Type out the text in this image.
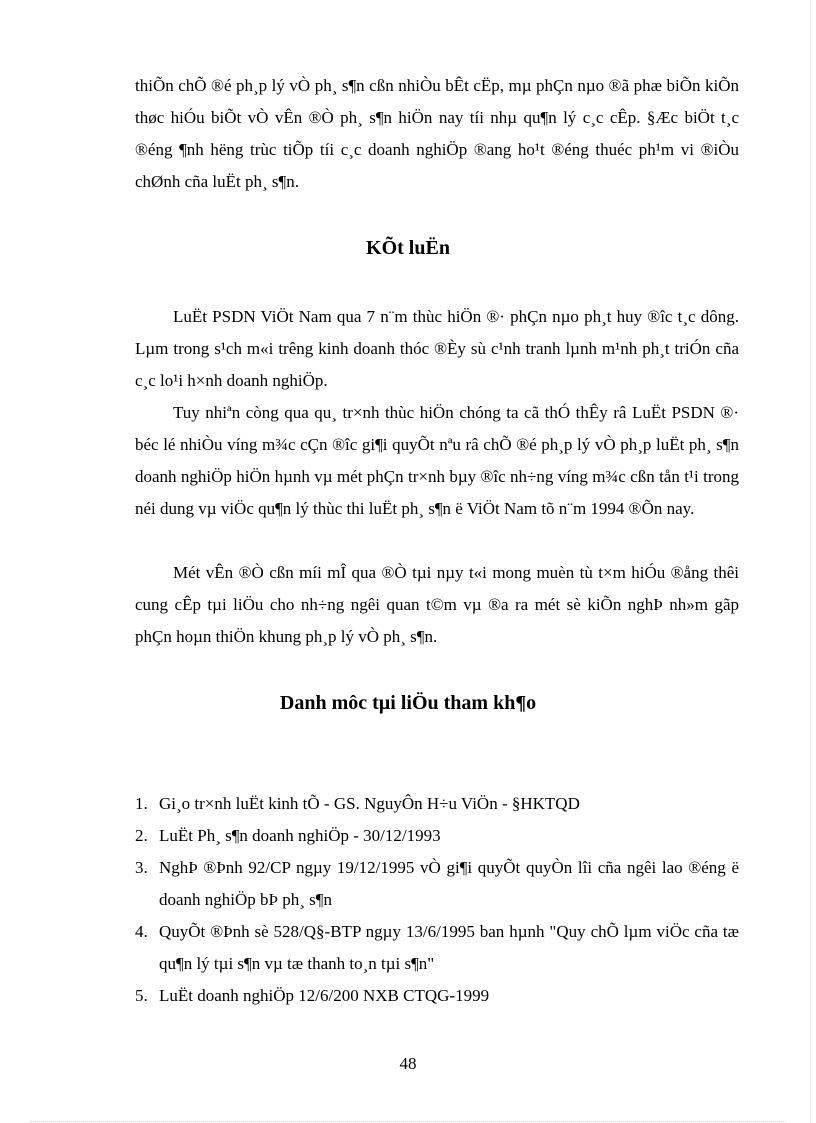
thiÕn chÕ ®é ph¸p lý vÒ ph¸ s¶n cßn nhiÒu bÊt cËp, mµ phÇn nµo ®ã phæ biÕn kiÕn thøc hiÓu biÕt vÒ vÊn ®Ò ph¸ s¶n hiÖn nay tíi nhµ qu¶n lý c¸c cÊp. §Æc biÖt t¸c ®éng ¶nh hëng trùc tiÕp tíi c¸c doanh nghiÖp ®ang ho¹t ®éng thuéc ph¹m vi ®iÒu chØnh cña luËt ph¸ s¶n.

KÕt luËn

LuËt PSDN ViÖt Nam qua 7 n¨m thùc hiÖn ®· phÇn nµo ph¸t huy ®îc t¸c dông. Lµm trong s¹ch m«i trêng kinh doanh thóc ®Èy sù c¹nh tranh lµnh m¹nh ph¸t triÓn cña c¸c lo¹i h×nh doanh nghiÖp.

Tuy nhiªn còng qua qu¸ tr×nh thùc hiÖn chóng ta cã thÓ thÊy râ LuËt PSDN ®· béc lé nhiÒu víng m¾c cÇn ®îc gi¶i quyÕt nªu râ chÕ ®é ph¸p lý vÒ ph¸p luËt ph¸ s¶n doanh nghiÖp hiÖn hµnh vµ mét phÇn tr×nh bµy ®îc nh÷ng víng m¾c cßn tån t¹i trong néi dung vµ viÖc qu¶n lý thùc thi luËt ph¸ s¶n ë ViÖt Nam tõ n¨m 1994 ®Õn nay.

Mét vÊn ®Ò cßn míi mÎ qua ®Ò tµi nµy t«i mong muèn tù t×m hiÓu ®ång thêi cung cÊp tµi liÖu cho nh÷ng ngêi quan t©m vµ ®a ra mét sè kiÕn nghÞ nh»m gãp phÇn hoµn thiÖn khung ph¸p lý vÒ ph¸ s¶n.

Danh môc tµi liÖu tham kh¶o
1. Gi¸o tr×nh luËt kinh tÕ - GS. NguyÔn H÷u ViÖn - §HKTQD
2. LuËt Ph¸ s¶n doanh nghiÖp - 30/12/1993
3. NghÞ ®Þnh 92/CP ngµy 19/12/1995 vÒ gi¶i quyÕt quyÒn lîi cña ngêi lao ®éng ë doanh nghiÖp bÞ ph¸ s¶n
4. QuyÕt ®Þnh sè 528/Q§-BTP ngµy 13/6/1995 ban hµnh "Quy chÕ lµm viÖc cña tæ qu¶n lý tµi s¶n vµ tæ thanh to¸n tµi s¶n"
5. LuËt doanh nghiÖp 12/6/200 NXB CTQG-1999
48
